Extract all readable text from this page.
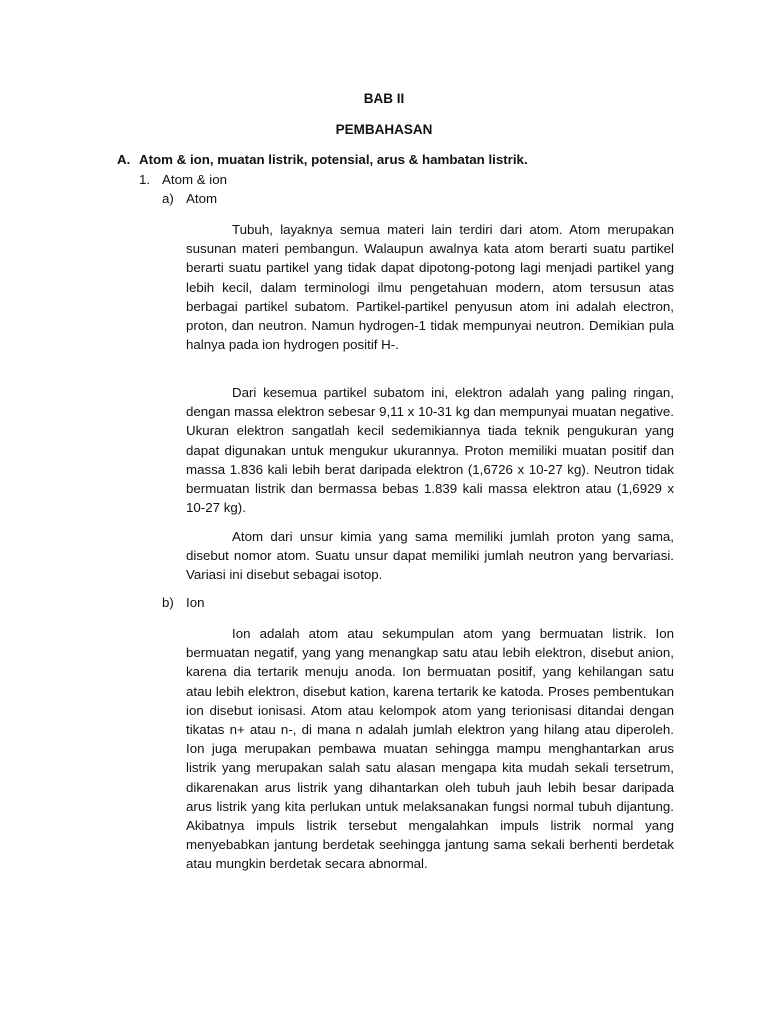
BAB II
PEMBAHASAN
A. Atom & ion, muatan listrik, potensial, arus & hambatan listrik.
1. Atom & ion
a) Atom

Tubuh, layaknya semua materi lain terdiri dari atom. Atom merupakan susunan materi pembangun. Walaupun awalnya kata atom berarti suatu partikel berarti suatu partikel yang tidak dapat dipotong-potong lagi menjadi partikel yang lebih kecil, dalam terminologi ilmu pengetahuan modern, atom tersusun atas berbagai partikel subatom. Partikel-partikel penyusun atom ini adalah electron, proton, dan neutron. Namun hydrogen-1 tidak mempunyai neutron. Demikian pula halnya pada ion hydrogen positif H-.

Dari kesemua partikel subatom ini, elektron adalah yang paling ringan, dengan massa elektron sebesar 9,11 x 10-31 kg dan mempunyai muatan negative. Ukuran elektron sangatlah kecil sedemikiannya tiada teknik pengukuran yang dapat digunakan untuk mengukur ukurannya. Proton memiliki muatan positif dan massa 1.836 kali lebih berat daripada elektron (1,6726 x 10-27 kg). Neutron tidak bermuatan listrik dan bermassa bebas 1.839 kali massa elektron atau (1,6929 x 10-27 kg).

Atom dari unsur kimia yang sama memiliki jumlah proton yang sama, disebut nomor atom. Suatu unsur dapat memiliki jumlah neutron yang bervariasi. Variasi ini disebut sebagai isotop.

b) Ion

Ion adalah atom atau sekumpulan atom yang bermuatan listrik. Ion bermuatan negatif, yang yang menangkap satu atau lebih elektron, disebut anion, karena dia tertarik menuju anoda. Ion bermuatan positif, yang kehilangan satu atau lebih elektron, disebut kation, karena tertarik ke katoda. Proses pembentukan ion disebut ionisasi. Atom atau kelompok atom yang terionisasi ditandai dengan tikatas n+ atau n-, di mana n adalah jumlah elektron yang hilang atau diperoleh. Ion juga merupakan pembawa muatan sehingga mampu menghantarkan arus listrik yang merupakan salah satu alasan mengapa kita mudah sekali tersetrum, dikarenakan arus listrik yang dihantarkan oleh tubuh jauh lebih besar daripada arus listrik yang kita perlukan untuk melaksanakan fungsi normal tubuh dijantung. Akibatnya impuls listrik tersebut mengalahkan impuls listrik normal yang menyebabkan jantung berdetak seehingga jantung sama sekali berhenti berdetak atau mungkin berdetak secara abnormal.
